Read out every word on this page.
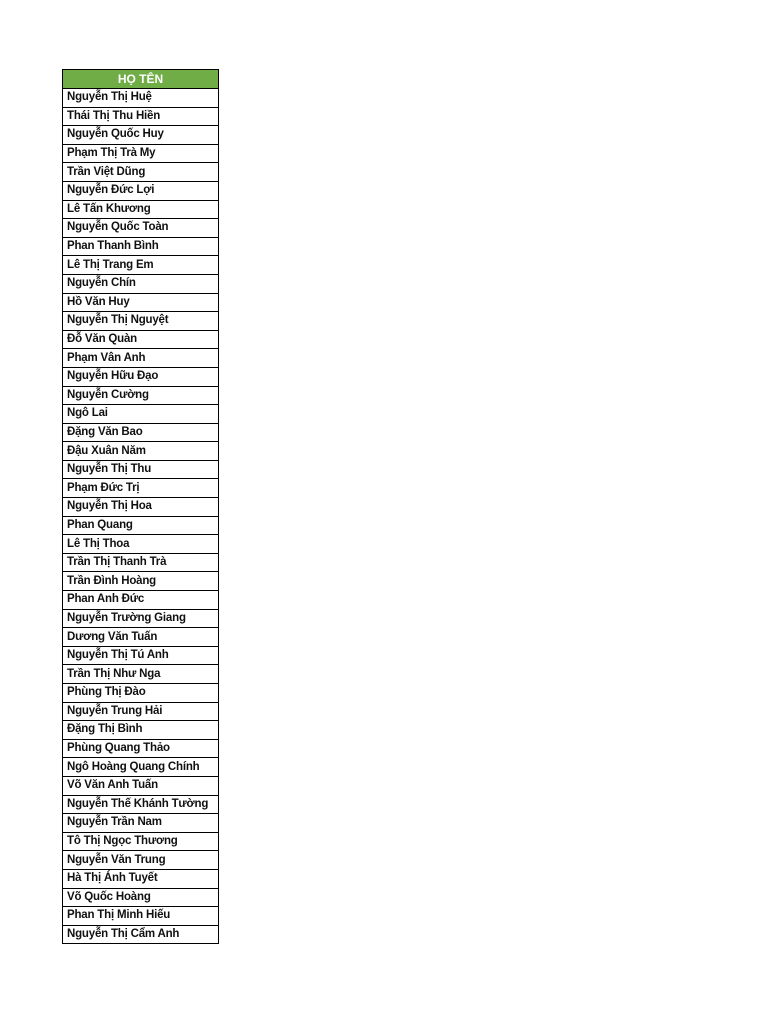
HỌ TÊN
Nguyễn Thị Huệ
Thái Thị Thu Hiền
Nguyễn Quốc Huy
Phạm Thị Trà My
Trần Việt Dũng
Nguyễn Đức Lợi
Lê Tấn Khương
Nguyễn Quốc Toàn
Phan Thanh Bình
Lê Thị Trang Em
Nguyễn Chín
Hồ Văn Huy
Nguyễn Thị Nguyệt
Đỗ Văn Quàn
Phạm Vân Anh
Nguyễn Hữu Đạo
Nguyễn Cường
Ngô Lai
Đặng Văn Bao
Đậu Xuân Năm
Nguyễn Thị Thu
Phạm Đức Trị
Nguyễn Thị Hoa
Phan Quang
Lê Thị Thoa
Trần Thị Thanh Trà
Trần Đình Hoàng
Phan Anh Đức
Nguyễn Trường Giang
Dương Văn Tuấn
Nguyễn Thị Tú Anh
Trần Thị Như Nga
Phùng Thị Đào
Nguyễn Trung Hải
Đặng Thị Bình
Phùng Quang Thảo
Ngô Hoàng Quang Chính
Võ Văn Anh Tuấn
Nguyễn Thế Khánh Tường
Nguyễn Trần Nam
Tô Thị Ngọc Thương
Nguyễn Văn Trung
Hà Thị Ánh Tuyết
Võ Quốc Hoàng
Phan Thị Minh Hiếu
Nguyễn Thị Cẩm Anh
